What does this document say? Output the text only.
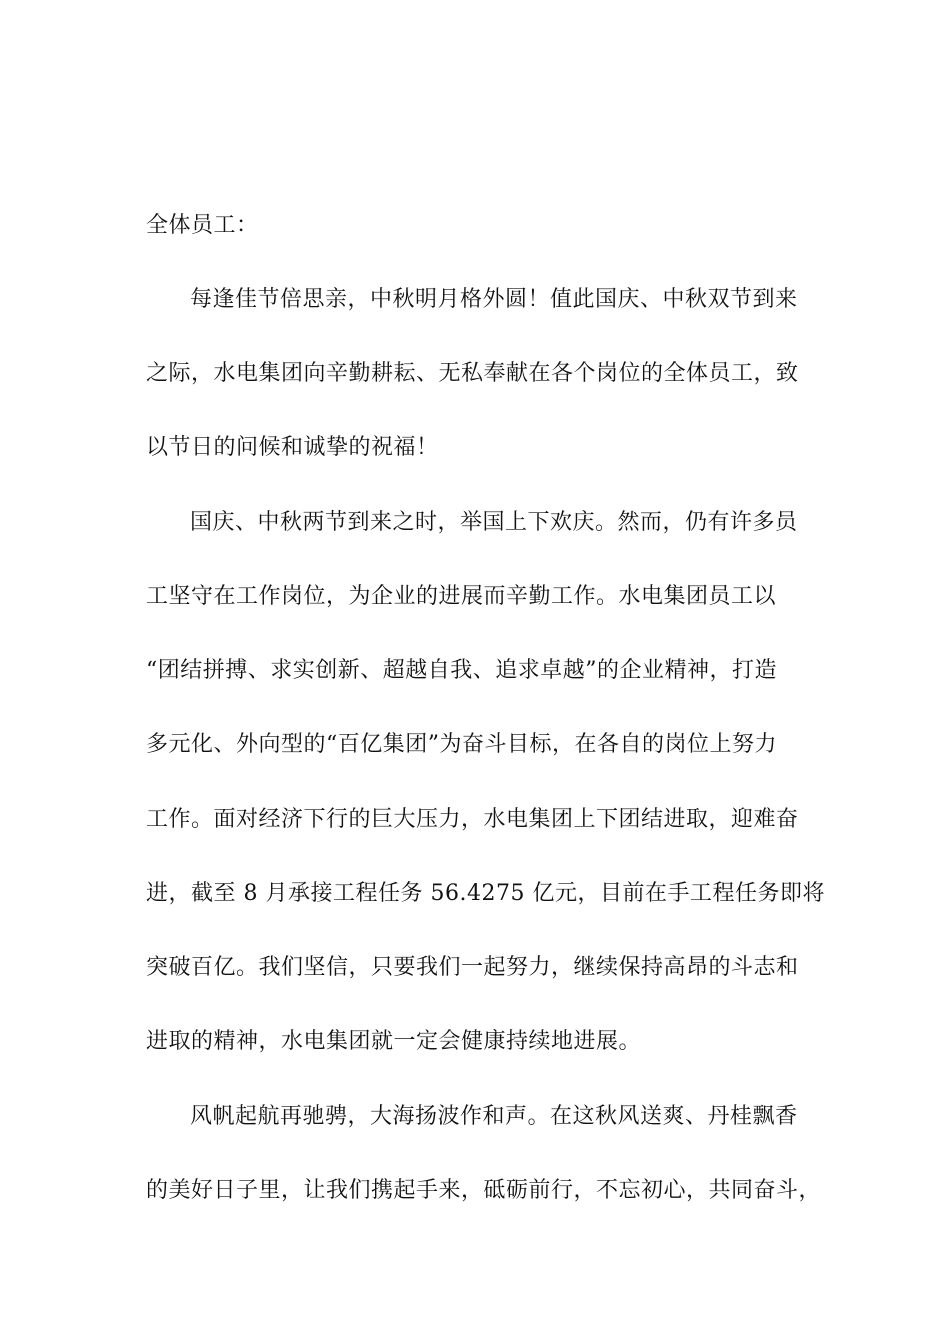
全体员工：
每逢佳节倍思亲，中秋明月格外圆！值此国庆、中秋双节到来
之际，水电集团向辛勤耕耘、无私奉献在各个岗位的全体员工，致
以节日的问候和诚挚的祝福！
国庆、中秋两节到来之时，举国上下欢庆。然而，仍有许多员
工坚守在工作岗位，为企业的进展而辛勤工作。水电集团员工以
“团结拼搏、求实创新、超越自我、追求卓越”的企业精神，打造
多元化、外向型的“百亿集团”为奋斗目标，在各自的岗位上努力
工作。面对经济下行的巨大压力，水电集团上下团结进取，迎难奋
进，截至 8 月承接工程任务 56.4275 亿元，目前在手工程任务即将
突破百亿。我们坚信，只要我们一起努力，继续保持高昂的斗志和
进取的精神，水电集团就一定会健康持续地进展。
风帆起航再驰骋，大海扬波作和声。在这秋风送爽、丹桂飘香
的美好日子里，让我们携起手来，砥砺前行，不忘初心，共同奋斗，
